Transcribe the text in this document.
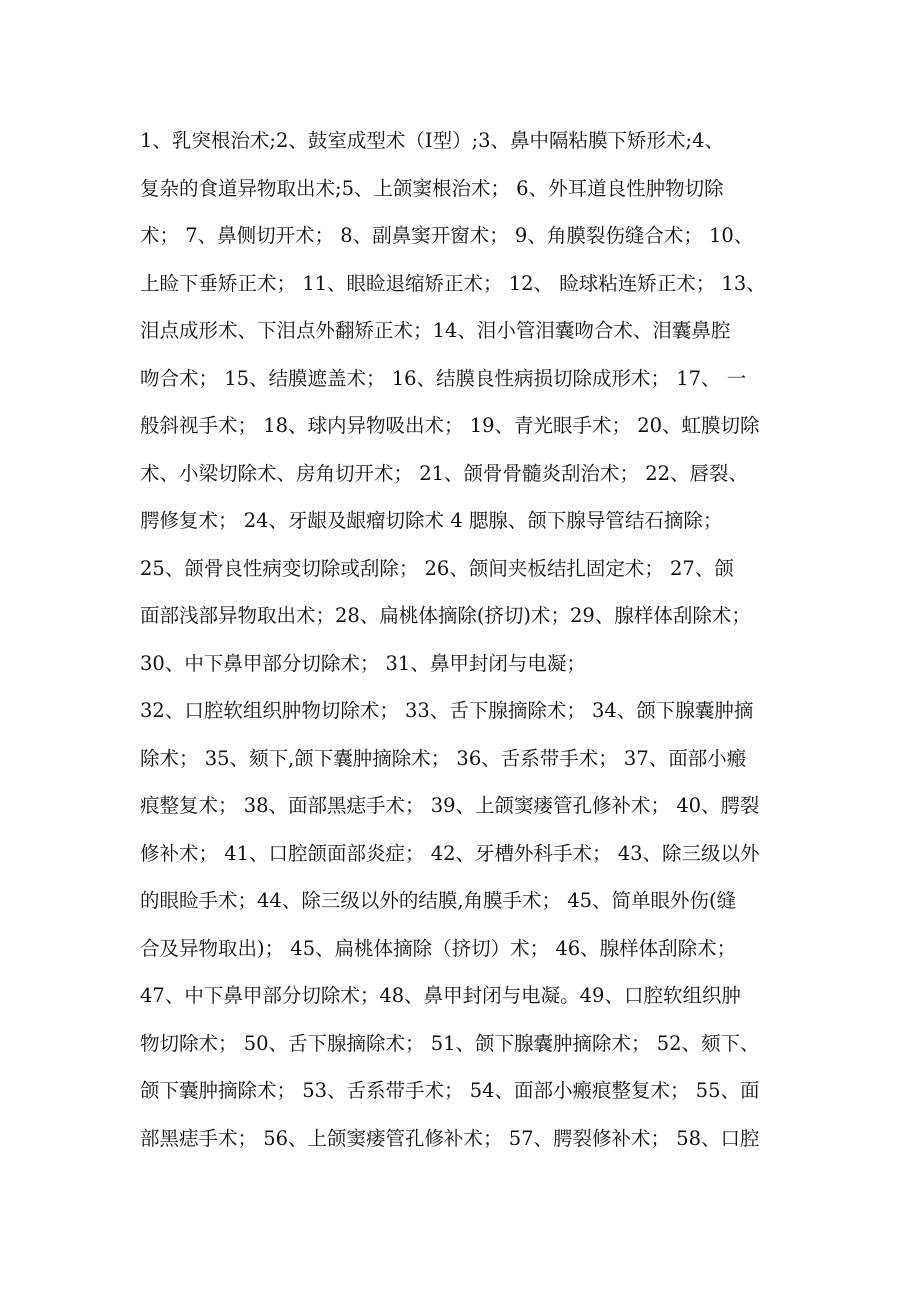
1、乳突根治术;2、鼓室成型术（Ⅰ型）;3、鼻中隔粘膜下矫形术;4、
复杂的食道异物取出术;5、上颌窦根治术； 6、外耳道良性肿物切除
术； 7、鼻侧切开术； 8、副鼻窦开窗术； 9、角膜裂伤缝合术； 10、
上睑下垂矫正术； 11、眼睑退缩矫正术； 12、 睑球粘连矫正术； 13、
泪点成形术、下泪点外翻矫正术；14、泪小管泪囊吻合术、泪囊鼻腔
吻合术； 15、结膜遮盖术； 16、结膜良性病损切除成形术； 17、 一
般斜视手术； 18、球内异物吸出术； 19、青光眼手术； 20、虹膜切除
术、小梁切除术、房角切开术； 21、颌骨骨髓炎刮治术； 22、唇裂、
腭修复术； 24、牙龈及龈瘤切除术 4 腮腺、颌下腺导管结石摘除；
25、颌骨良性病变切除或刮除； 26、颌间夹板结扎固定术； 27、颌
面部浅部异物取出术；28、扁桃体摘除(挤切)术；29、腺样体刮除术；
30、中下鼻甲部分切除术； 31、鼻甲封闭与电凝；
32、口腔软组织肿物切除术； 33、舌下腺摘除术； 34、颌下腺囊肿摘
除术； 35、颏下,颌下囊肿摘除术； 36、舌系带手术； 37、面部小瘢
痕整复术； 38、面部黑痣手术； 39、上颌窦瘘管孔修补术； 40、腭裂
修补术； 41、口腔颌面部炎症； 42、牙槽外科手术； 43、除三级以外
的眼睑手术；44、除三级以外的结膜,角膜手术； 45、简单眼外伤(缝
合及异物取出)； 45、扁桃体摘除（挤切）术； 46、腺样体刮除术；
47、中下鼻甲部分切除术；48、鼻甲封闭与电凝。49、口腔软组织肿
物切除术； 50、舌下腺摘除术； 51、颌下腺囊肿摘除术； 52、颏下、
颌下囊肿摘除术； 53、舌系带手术； 54、面部小瘢痕整复术； 55、面
部黑痣手术； 56、上颌窦瘘管孔修补术； 57、腭裂修补术； 58、口腔
